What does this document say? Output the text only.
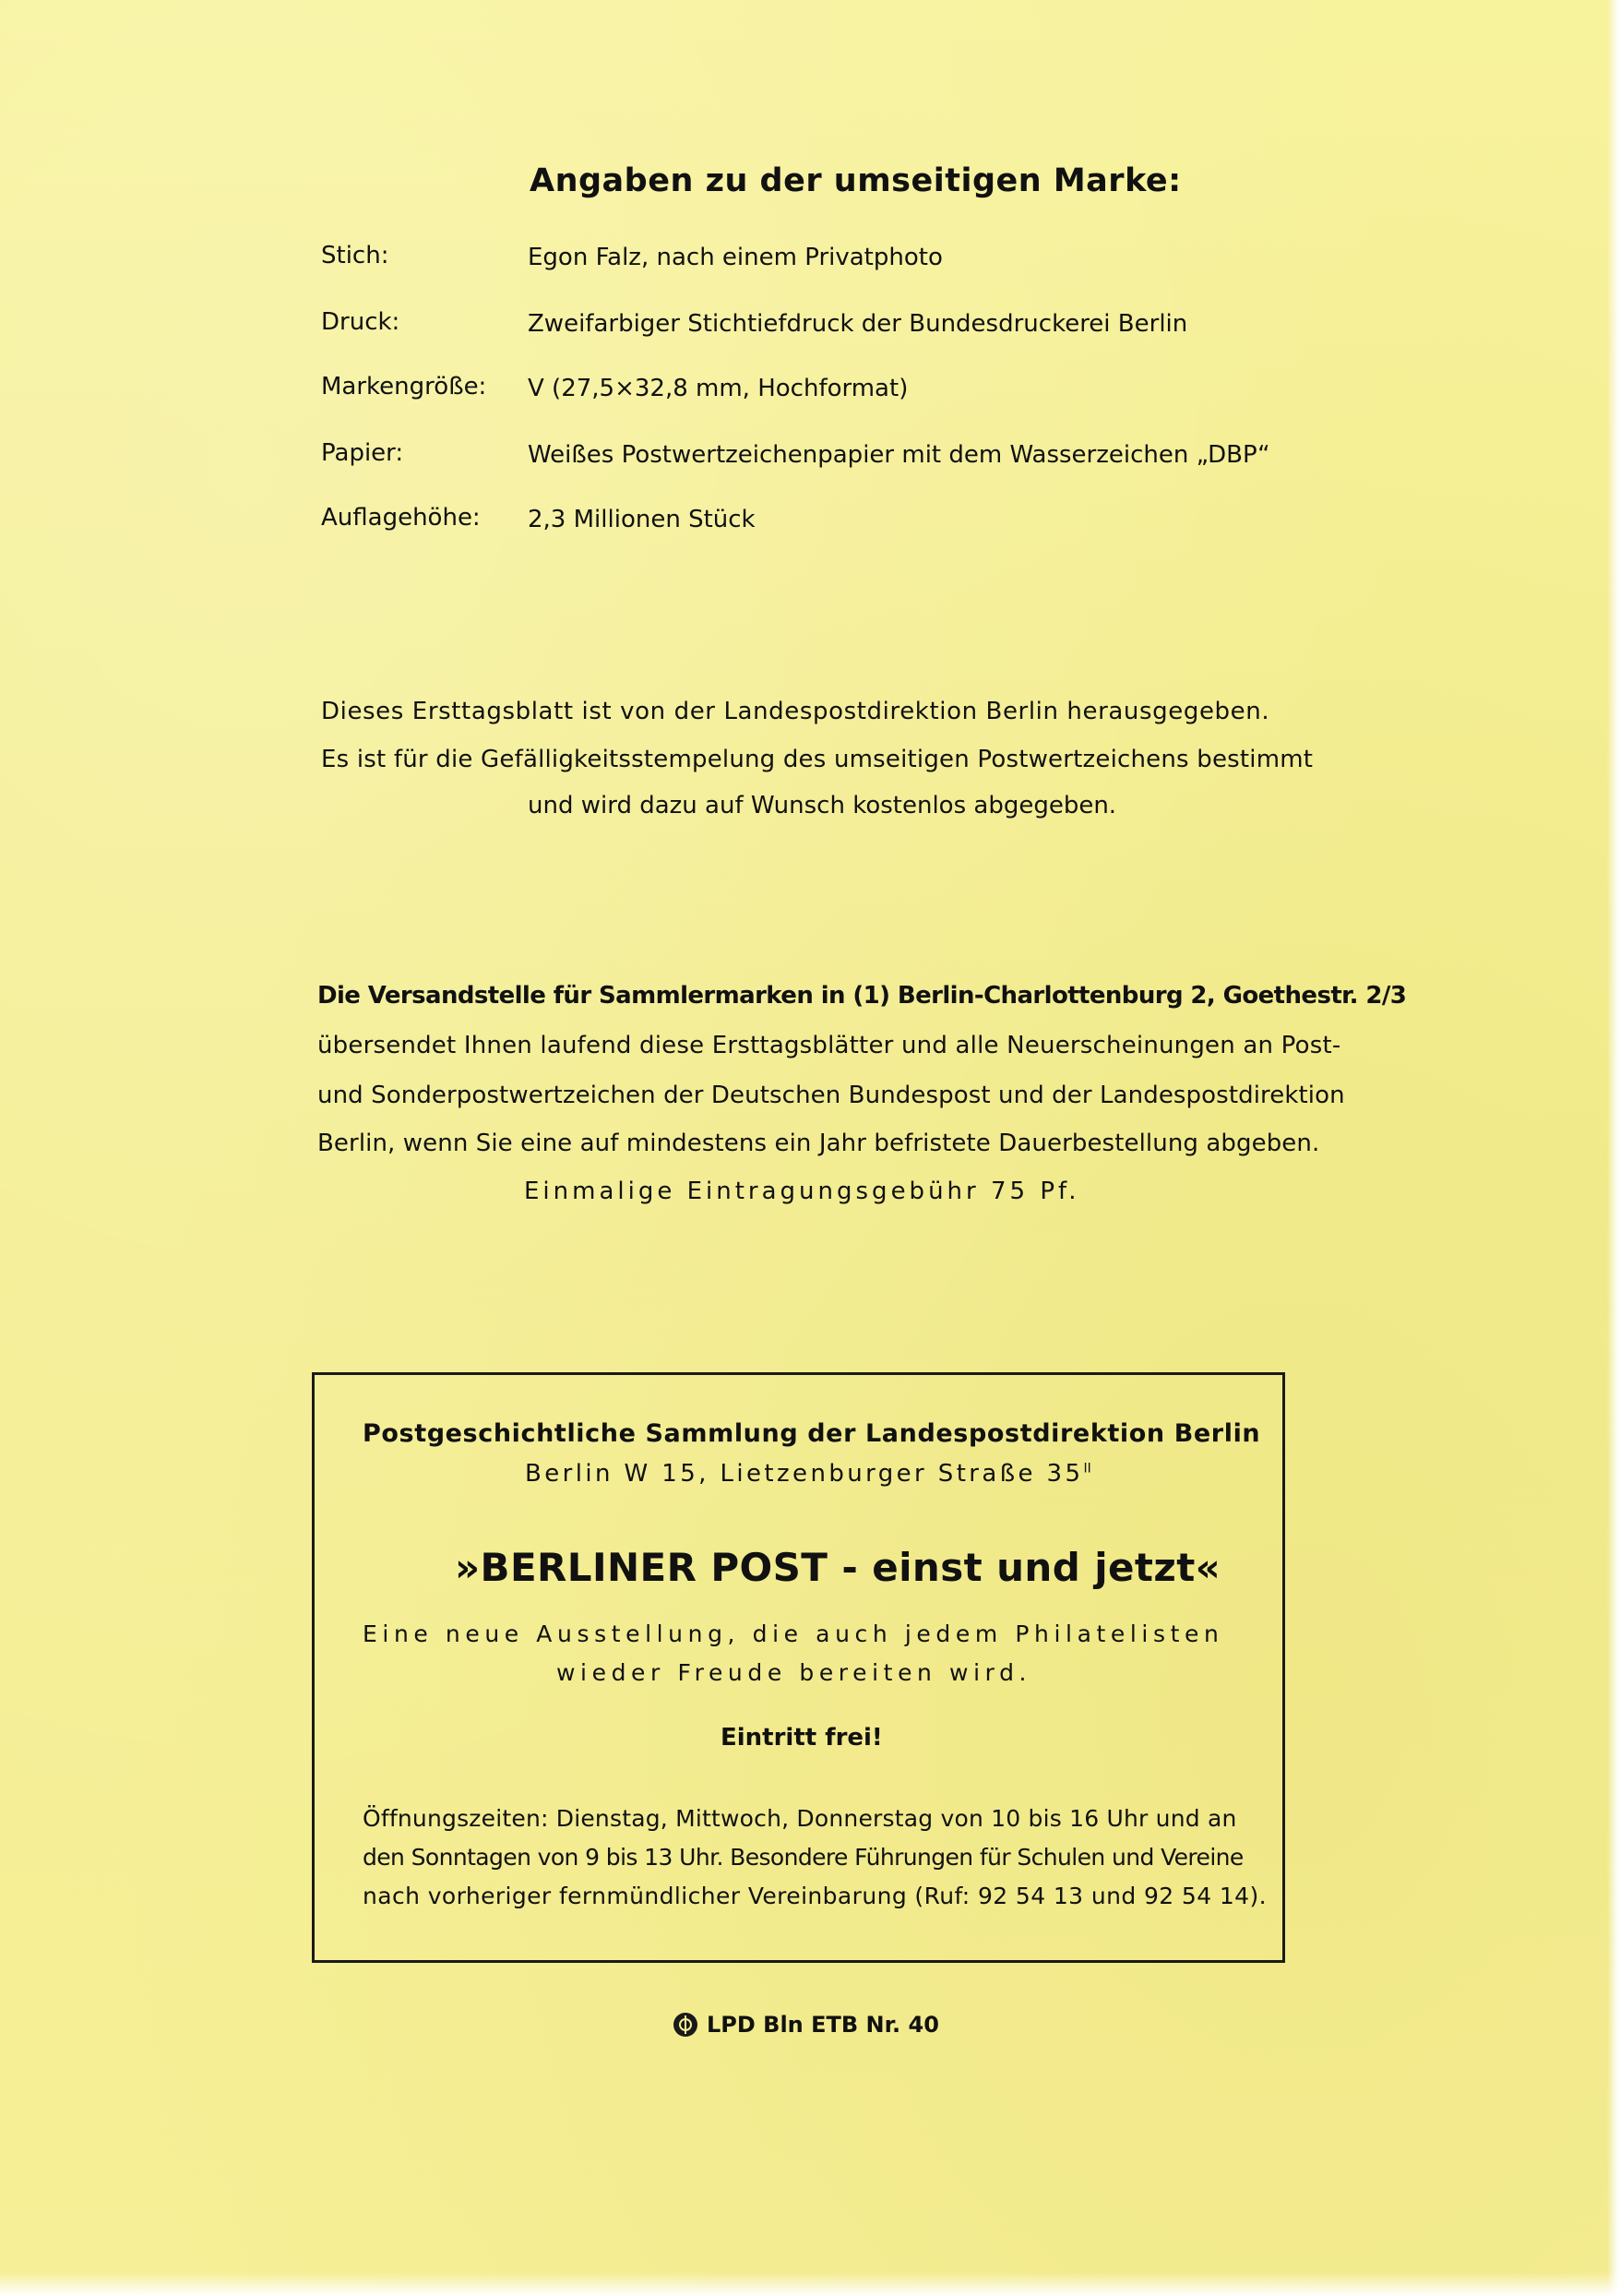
Angaben zu der umseitigen Marke:
Stich:	Egon Falz, nach einem Privatphoto
Druck:	Zweifarbiger Stichtiefdruck der Bundesdruckerei Berlin
Markengröße: V (27,5×32,8 mm, Hochformat)
Papier:	Weißes Postwertzeichenpapier mit dem Wasserzeichen „DBP“
Auflagehöhe: 2,3 Millionen Stück
Dieses Ersttagsblatt ist von der Landespostdirektion Berlin herausgegeben.
Es ist für die Gefälligkeitsstempelung des umseitigen Postwertzeichens bestimmt
und wird dazu auf Wunsch kostenlos abgegeben.
Die Versandstelle für Sammlermarken in (1) Berlin-Charlottenburg 2, Goethestr. 2/3
übersendet Ihnen laufend diese Ersttagsblätter und alle Neuerscheinungen an Post-
und Sonderpostwertzeichen der Deutschen Bundespost und der Landespostdirektion
Berlin, wenn Sie eine auf mindestens ein Jahr befristete Dauerbestellung abgeben.
Einmalige Eintragungsgebühr 75 Pf.
Postgeschichtliche Sammlung der Landespostdirektion Berlin
Berlin W 15, Lietzenburger Straße $35^{II}$
»BERLINER POST - einst und jetzt«
Eine neue Ausstellung, die auch jedem Philatelisten
wieder Freude bereiten wird.
Eintritt frei!
Öffnungszeiten: Dienstag, Mittwoch, Donnerstag von 10 bis 16 Uhr und an
den Sonntagen von 9 bis 13 Uhr. Besondere Führungen für Schulen und Vereine
nach vorheriger fernmündlicher Vereinbarung (Ruf: 92 54 13 und 92 54 14).
LPD Bln ETB Nr. 40
